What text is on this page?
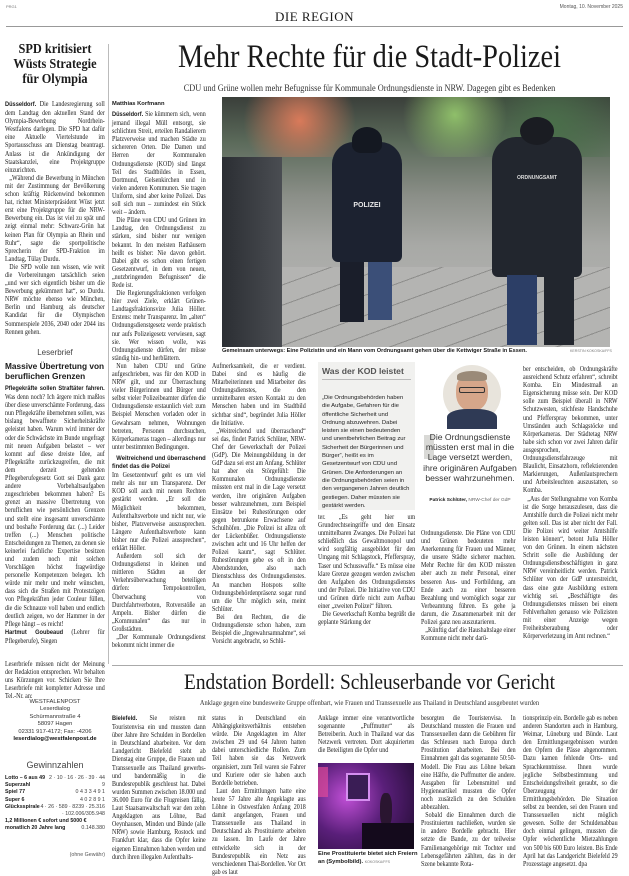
PRG1
DIE REGION
Montag, 10. November 2025
SPD kritisiert Wüsts Strategie für Olympia

Düsseldorf. Die Landesregierung soll dem Landtag den aktuellen Stand der Olympia-Bewerbung Nordrhein-Westfalens darlegen. Die SPD hat dafür eine Aktuelle Viertelstunde im Sportausschuss am Dienstag beantragt. Anlass ist die Ankündigung der Staatskanzlei, eine Projektgruppe einzurichten.

„Während die Bewerbung in München mit der Zustimmung der Bevölkerung schon kräftig Rückenwind bekommen hat, richtet Ministerpräsident Wüst jetzt erst eine Projektgruppe für die NRW-Bewerbung ein. Das ist viel zu spät und zeigt einmal mehr: Schwarz-Grün hat keinen Plan für Olympia an Rhein und Ruhr“, sagte die sportpolitische Sprecherin der SPD-Fraktion im Landtag, Tülay Durdu.

Die SPD wolle nun wissen, wie weit die Vorbereitungen tatsächlich seien „und wer sich eigentlich bisher um die Bewerbung gekümmert hat“, so Durdu. NRW möchte ebenso wie München, Berlin und Hamburg als deutscher Kandidat für die Olympischen Sommerspiele 2036, 2040 oder 2044 ins Rennen gehen.

Leserbrief
Massive Übertretung von beruflichen Grenzen

Pflegekräfte sollen Straftäter fahren. Was denn noch? Ich ärgere mich maßlos über diese unverschämte Forderung, dass nun Pflegekräfte übernehmen sollen, was bislang bewaffnete Sicherheitskräfte geleistet haben. Warum wird immer der oder die Schwächste im Bunde ungefragt mit neuen Aufgaben belastet – wer kommt auf diese dreiste Idee, auf Pflegekräfte zurückzugreifen, die mit dem derzeit geltenden Pflegeberufegesetz Gott sei Dank ganz andere Vorbehaltsaufgaben zugeschrieben bekommen haben? Es grenzt an massive Übertretung von beruflichen wie persönlichen Grenzen und stellt eine insgesamt unverschämte und boshafte Forderung dar. (...) Leider treffen (...) Menschen politische Entscheidungen zu Themen, zu denen sie keinerlei fachliche Expertise besitzen und zudem noch mit solchen Vorschlägen höchst fragwürdige personelle Kompetenzen belegen. Ich würde mir mehr und mehr wünschen, dass sich die Straßen mit Protestzügen von Pflegekräften jeder Couleur füllen, die die Schnauze voll haben und endlich deutlich zeigen, wo der Hammer in der Pflege hängt – es reicht!

Hartmut Goubeaud (Lehrer für Pflegeberufe), Siegen

Leserbriefe müssen nicht der Meinung der Redaktion entsprechen. Wir behalten uns Kürzungen vor. Schicken Sie Ihre Leserbriefe mit kompletter Adresse und Tel.-Nr. an:

WESTFALENPOST
Leserdialog
Schürmannstraße 4
58097 Hagen
02331 917-4172; Fax: -4206
leserdialog@westfalenpost.de
Gewinnzahlen
Lotto – 6 aus 49 2 · 10 · 16 · 26 · 39 · 44
Superzahl	9
Spiel 77	0 4 3 3 4 9 1
Super 6	4 0 2 8 9 1
Glücksspirale 4 · 26 · 589 · 8239 · 25.316
· 102.006/305.948
1,2 Millionen € sofort und 5000 €
monatlich 20 Jahre lang	0.148.380
(ohne Gewähr)
Mehr Rechte für die Stadt-Polizei
CDU und Grüne wollen mehr Befugnisse für Kommunale Ordnungsdienste in NRW. Dagegen gibt es Bedenken
Matthias Korfmann
POLIZEI
ORDNUNGSAMT
Gemeinsam unterwegs: Eine Polizistin und ein Mann vom Ordnungsamt gehen über die Kettwiger Straße in Essen.	KERSTIN KOKOSKA/FFS

Düsseldorf. Sie kümmern sich, wenn jemand illegal Müll entsorgt, sie schlichten Streit, erteilen Randalierern Platzverweise und machen Städte zu sichereren Orten. Die Damen und Herren der Kommunalen Ordnungsdienste (KOD) sind längst Teil des Stadtbildes in Essen, Dortmund, Gelsenkirchen und in vielen anderen Kommunen. Sie tragen Uniform, sind aber keine Polizei. Das soll sich nun – zumindest ein Stück weit – ändern.

Die Pläne von CDU und Grünen im Landtag, den Ordnungsdienst zu stärken, sind bisher nur wenigen bekannt. In den meisten Rathäusern heißt es bisher: Nie davon gehört. Dabei gibt es schon einen fertigen Gesetzentwurf, in dem von neuen, „nutzbringenden Befugnissen“ die Rede ist.

Die Regierungsfraktionen verfolgen hier zwei Ziele, erklärt Grünen-Landtagsfraktionsvize Julia Höller. Erstens: mehr Transparenz. Im „alten“ Ordnungsdienstgesetz werde praktisch nur aufs Polizeigesetz verwiesen, sagt sie. Wer wissen wolle, was Ordnungsdienste dürfen, der müsse ständig hin- und herblättern.

Nun haben CDU und Grüne aufgeschrieben, was für den KOD in NRW gilt, und zur Überraschung vieler Bürgerinnen und Bürger und selbst vieler Polizeibeamter dürfen die Ordnungsdienste erstaunlich viel: zum Beispiel Menschen vorladen oder in Gewahrsam nehmen, Wohnungen betreten, Personen durchsuchen, Körperkameras tragen – allerdings nur unter bestimmten Bedingungen.

Weitreichend und überraschend findet das die Polizei

Im Gesetzentwurf geht es um viel mehr als nur um Transparenz. Der KOD soll auch mit neuen Rechten gestärkt werden. „Er soll die Möglichkeit bekommen, Aufenthaltsverbote und nicht nur, wie bisher, Platzverweise auszusprechen. Längere Aufenthaltsverbote kann bisher nur die Polizei aussprechen“, erklärt Höller.

Außerdem soll sich der Ordnungsdienst in kleinen und mittleren Städten an der Verkehrsüberwachung beteiligen dürfen: Tempokontrollen, Überwachung von Durchfahrtverboten, Rotverstöße an Ampeln. Bisher dürfen die „Kommunalen“ das nur in Großstädten.

„Der Kommunale Ordnungsdienst bekommt nicht immer die

Aufmerksamkeit, die er verdient. Dabei sind es häufig die Mitarbeiterinnen und Mitarbeiter des Ordnungsdienstes, die den unmittelbaren ersten Kontakt zu den Menschen haben und im Stadtbild sichtbar sind“, begründet Julia Höller die Initiative.

„Weitreichend und überraschend“ sei das, findet Patrick Schlüter, NRW-Chef der Gewerkschaft der Polizei (GdP). Die Meinungsbildung in der GdP dazu sei erst am Anfang. Schlüter hat aber ein Störgefühl: Die Kommunalen Ordnungsdienste müssten erst mal in die Lage versetzt werden, ihre originären Aufgaben besser wahrzunehmen, zum Beispiel Einsätze bei Ruhestörungen oder gegen betrunkene Erwachsene auf Schulhöfen. „Die Polizei ist allzu oft der Lückenbüßer. Ordnungsdienste zwischen acht und 16 Uhr helfen der Polizei kaum“, sagt Schlüter. Ruhestörungen gebe es oft in den Abendstunden, also nach Dienstschluss des Ordnungsdienstes. An manchen Hotspots sollte Ordnungsbehördenpräsenz sogar rund um die Uhr möglich sein, meint Schlüter.

Bei den Rechten, die die Ordnungsdienste schon haben, zum Beispiel die „Ingewahrsamnahme“, sei Vorsicht angebracht, so Schlü-

Was der KOD leistet
„Die Ordnungsbehörden haben die Aufgabe, Gefahren für die öffentliche Sicherheit und Ordnung abzuwehren. Dabei leisten sie einen bedeutenden und unentbehrlichen Beitrag zur Sicherheit der Bürgerinnen und Bürger“, heißt es im Gesetzentwurf von CDU und Grünen. Die Anforderungen an die Ordnungsbehörden seien in den vergangenen Jahren deutlich gestiegen. Daher müssten sie gestärkt werden.

ter. „Es geht hier um Grundrechtseingriffe und den Einsatz unmittelbaren Zwanges. Die Polizei hat schließlich das Gewaltmonopol und wird sorgfältig ausgebildet für den Umgang mit Schlagstock, Pfefferspray, Taser und Schusswaffe.“ Es müsse eine klare Grenze gezogen werden zwischen den Aufgaben des Ordnungsdienstes und der Polizei. Die Initiative von CDU und Grünen dürfe nicht zum Aufbau einer „zweiten Polizei“ führen.

Die Gewerkschaft Komba begrüßt die geplante Stärkung der

Die Ordnungsdienste müssten erst mal in die Lage versetzt werden, ihre originären Aufgaben besser wahrzunehmen.
Patrick Schlüter, NRW-Chef der GdP

Ordnungsdienste. Die Pläne von CDU und Grünen bedeuteten mehr Anerkennung für Frauen und Männer, die unsere Städte sicherer machten. Mehr Rechte für den KOD müssten aber auch zu mehr Personal, einer besseren Aus- und Fortbildung, am Ende auch zu einer besseren Bezahlung und womöglich sogar zur Verbeamtung führen. Es gehe ja darum, die Zusammenarbeit mit der Polizei ganz neu auszutarieren.

„Künftig darf die Haushaltslage einer Kommune nicht mehr darü-

ber entscheiden, ob Ordnungskräfte ausreichend Schutz erfahren“, schreibt Komba. Ein Mindestmaß an Eigensicherung müsse sein. Der KOD solle zum Beispiel überall in NRW Schutzwesten, stichfeste Handschuhe und Pfefferspray bekommen, unter Umständen auch Schlagstöcke und Körperkameras. Der Städtetag NRW habe sich schon vor zwei Jahren dafür ausgesprochen, Ordnungsdienstfahrzeuge mit Blaulicht, Einsatzhorn, reflektierenden Markierungen, Außenlautsprechern und Arbeitsleuchten auszustatten, so Komba.

„Aus der Stellungnahme von Komba ist die Sorge herauszulesen, dass die Amtshilfe durch die Polizei nicht mehr gelten soll. Das ist aber nicht der Fall. Die Polizei wird weiter Amtshilfe leisten können“, betont Julia Höller von den Grünen. In einem nächsten Schritt solle die Ausbildung der Ordnungsdienstbeschäftigten in ganz NRW vereinheitlicht werden. Patrick Schlüter von der GdP unterstreicht, dass eine gute Ausbildung extrem wichtig sei. „Beschäftigte des Ordnungsdienstes müssen bei einem Fehlverhalten genauso wie Polizisten mit einer Anzeige wegen Freiheitsberaubung oder Körperverletzung im Amt rechnen.“

Endstation Bordell: Schleuserbande vor Gericht
Anklage gegen eine bundesweite Gruppe offenbart, wie Frauen und Transsexuelle aus Thailand in Deutschland ausgebeutet wurden

Bielefeld. Sie reisten mit Touristenvisa ein und mussten dann über Jahre ihre Schulden in Bordellen in Deutschland abarbeiten. Vor dem Landgericht Bielefeld steht ab Dienstag eine Gruppe, die Frauen und Transsexuelle aus Thailand gewerbs- und bandenmäßig in die Bundesrepublik geschleust hat. Dabei wurden Summen zwischen 18.000 und 36.000 Euro für die Flugreisen fällig. Laut Staatsanwaltschaft war den zehn Angeklagten aus Löhne, Bad Oeynhausen, Minden und Bünde (alle NRW) sowie Hamburg, Rostock und Frankfurt klar, dass die Opfer keine eigenen Einnahmen haben werden und durch ihren illegalen Aufenthalts-

status in Deutschland ein Abhängigkeitsverhältnis entstehen würde. Die Angeklagten im Alter zwischen 29 und 64 Jahren hatten dabei unterschiedliche Rollen. Zum Teil haben sie das Netzwerk organisiert, zum Teil waren sie Fahrer und Kuriere oder sie haben auch Bordelle betrieben.

Laut den Ermittlungen hatte eine heute 57 Jahre alte Angeklagte aus Löhne in Ostwestfalen Anfang 2018 damit angefangen, Frauen und Transsexuelle aus Thailand in Deutschland als Prostituierte arbeiten zu lassen. Im Laufe der Jahre entwickelte sich in der Bundesrepublik ein Netz aus verschiedenen Thai-Bordellen. Vor Ort gab es laut

Anklage immer eine verantwortliche sogenannte „Puffmutter“ als Betreiberin. Auch in Thailand war das Netzwerk vertreten. Dort akquirierten die Beteiligten die Opfer und

Eine Prostituierte bietet sich Freiern an (Symbolbild). KOKOSKA/FFS

besorgten die Touristenvisa. In Deutschland mussten die Frauen und Transsexuellen dann die Gebühren für das Schleusen nach Europa durch Prostitution abarbeiten. Bei den Einnahmen galt das sogenannte 50:50-Modell. Die Frau aus Löhne bekam eine Hälfte, die Puffmutter die andere. Ausgaben für Lebensmittel und Hygieneartikel mussten die Opfer noch zusätzlich zu den Schulden abbezahlen.

Sobald die Einnahmen durch die Prostituierten nachließen, wurden sie in andere Bordelle gebracht. Hier setzte die Bande, zu der teilweise Familienangehörige mit Tochter und Lebensgefährten zählten, das in der Szene bekannte Rota-

tionsprinzip ein. Bordelle gab es neben anderen Standorten auch in Hamburg, Weimar, Lüneburg und Bünde. Laut den Ermittlungsergebnissen wurden den Opfern die Pässe abgenommen. Dazu kamen fehlende Orts- und Sprachkenntnisse. Ihnen wurde jegliche Selbstbestimmung und Entscheidungsfreiheit geraubt, so die Überzeugung der Ermittlungsbehörden. Die Situation selbst zu beenden, sei den Frauen und Transsexuellen nicht möglich gewesen. Sollte der Schuldenabbau doch einmal gelingen, mussten die Opfer wöchentliche Mietzahlungen von 500 bis 600 Euro leisten. Bis Ende April hat das Landgericht Bielefeld 29 Prozesstage angesetzt. dpa
